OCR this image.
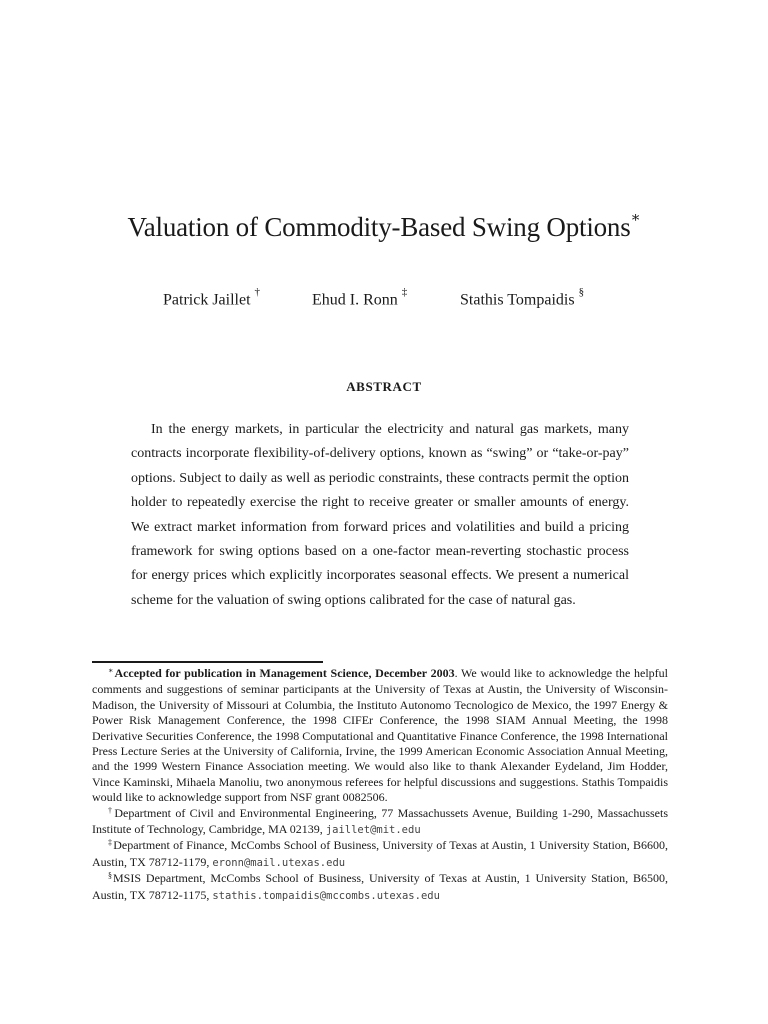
Valuation of Commodity-Based Swing Options∗
Patrick Jaillet †	Ehud I. Ronn ‡	Stathis Tompaidis §
ABSTRACT

In the energy markets, in particular the electricity and natural gas markets, many contracts incorporate flexibility-of-delivery options, known as “swing” or “take-or-pay” options. Subject to daily as well as periodic constraints, these contracts permit the option holder to repeatedly exercise the right to receive greater or smaller amounts of energy. We extract market information from forward prices and volatilities and build a pricing framework for swing options based on a one-factor mean-reverting stochastic process for energy prices which explicitly incorporates seasonal effects. We present a numerical scheme for the valuation of swing options calibrated for the case of natural gas.

∗Accepted for publication in Management Science, December 2003. We would like to acknowledge the helpful comments and suggestions of seminar participants at the University of Texas at Austin, the University of Wisconsin-Madison, the University of Missouri at Columbia, the Instituto Autonomo Tecnologico de Mexico, the 1997 Energy & Power Risk Management Conference, the 1998 CIFEr Conference, the 1998 SIAM Annual Meeting, the 1998 Derivative Securities Conference, the 1998 Computational and Quantitative Finance Conference, the 1998 International Press Lecture Series at the University of California, Irvine, the 1999 American Economic Association Annual Meeting, and the 1999 Western Finance Association meeting. We would also like to thank Alexander Eydeland, Jim Hodder, Vince Kaminski, Mihaela Manoliu, two anonymous referees for helpful discussions and suggestions. Stathis Tompaidis would like to acknowledge support from NSF grant 0082506.

†Department of Civil and Environmental Engineering, 77 Massachussets Avenue, Building 1-290, Massachussets Institute of Technology, Cambridge, MA 02139, jaillet@mit.edu

‡Department of Finance, McCombs School of Business, University of Texas at Austin, 1 University Station, B6600, Austin, TX 78712-1179, eronn@mail.utexas.edu

§MSIS Department, McCombs School of Business, University of Texas at Austin, 1 University Station, B6500, Austin, TX 78712-1175, stathis.tompaidis@mccombs.utexas.edu
